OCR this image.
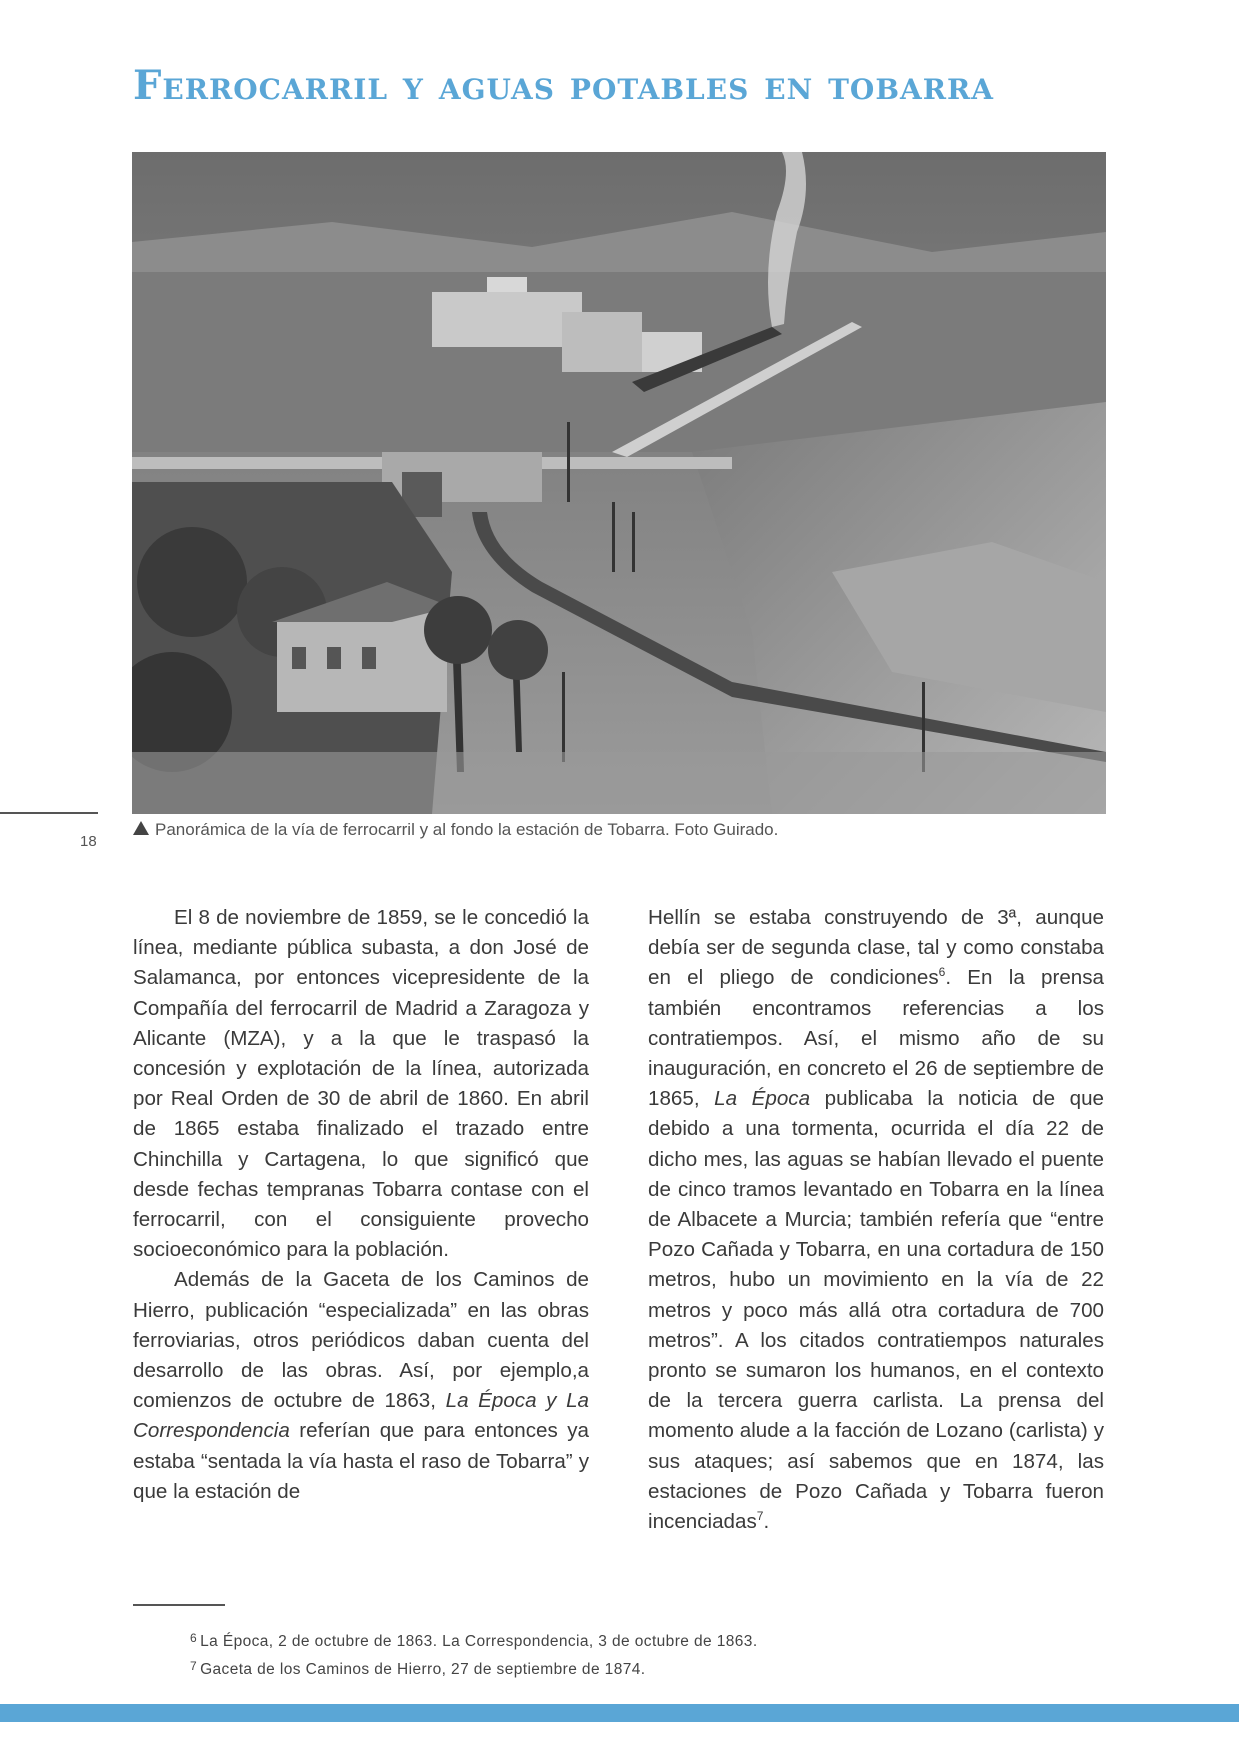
Ferrocarril y aguas potables en tobarra
18
Panorámica de la vía de ferrocarril y al fondo la estación de Tobarra. Foto Guirado.

El 8 de noviembre de 1859, se le concedió la línea, mediante pública subasta, a don José de Salamanca, por entonces vicepresidente de la Compañía del ferrocarril de Madrid a Zaragoza y Alicante (MZA), y a la que le traspasó la concesión y explotación de la línea, autorizada por Real Orden de 30 de abril de 1860. En abril de 1865 estaba finalizado el trazado entre Chinchilla y Cartagena, lo que significó que desde fechas tempranas Tobarra contase con el ferrocarril, con el consiguiente provecho socioeconómico para la población.

Además de la Gaceta de los Caminos de Hierro, publicación “especializada” en las obras ferroviarias, otros periódicos daban cuenta del desarrollo de las obras. Así, por ejemplo,a comienzos de octubre de 1863, La Época y La Correspondencia referían que para entonces ya estaba “sentada la vía hasta el raso de Tobarra” y que la estación de

Hellín se estaba construyendo de 3ª, aunque debía ser de segunda clase, tal y como constaba en el pliego de condiciones$^6$. En la prensa también encontramos referencias a los contratiempos. Así, el mismo año de su inauguración, en concreto el 26 de septiembre de 1865, La Época publicaba la noticia de que debido a una tormenta, ocurrida el día 22 de dicho mes, las aguas se habían llevado el puente de cinco tramos levantado en Tobarra en la línea de Albacete a Murcia; también refería que “entre Pozo Cañada y Tobarra, en una cortadura de 150 metros, hubo un movimiento en la vía de 22 metros y poco más allá otra cortadura de 700 metros”. A los citados contratiempos naturales pronto se sumaron los humanos, en el contexto de la tercera guerra carlista. La prensa del momento alude a la facción de Lozano (carlista) y sus ataques; así sabemos que en 1874, las estaciones de Pozo Cañada y Tobarra fueron incenciadas$^7$.

$^6$ La Época, 2 de octubre de 1863. La Correspondencia, 3 de octubre de 1863.
$^7$ Gaceta de los Caminos de Hierro, 27 de septiembre de 1874.
